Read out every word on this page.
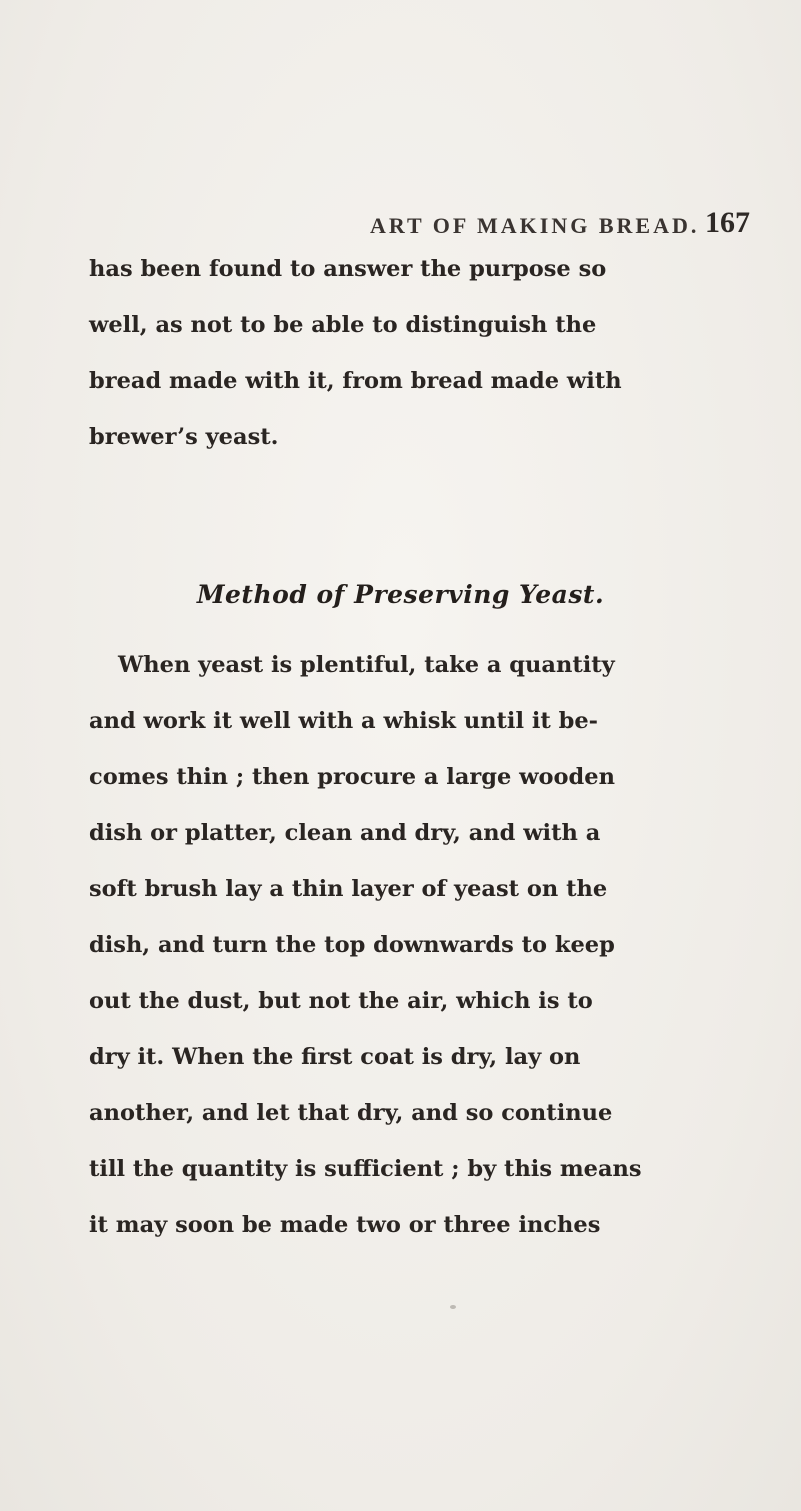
ART OF MAKING BREAD. 167
has been found to answer the purpose so
well, as not to be able to distinguish the
bread made with it, from bread made with
brewer’s yeast.
Method of Preserving Yeast.
When yeast is plentiful, take a quantity
and work it well with a whisk until it be-
comes thin ; then procure a large wooden
dish or platter, clean and dry, and with a
soft brush lay a thin layer of yeast on the
dish, and turn the top downwards to keep
out the dust, but not the air, which is to
dry it. When the first coat is dry, lay on
another, and let that dry, and so continue
till the quantity is sufficient ; by this means
it may soon be made two or three inches
